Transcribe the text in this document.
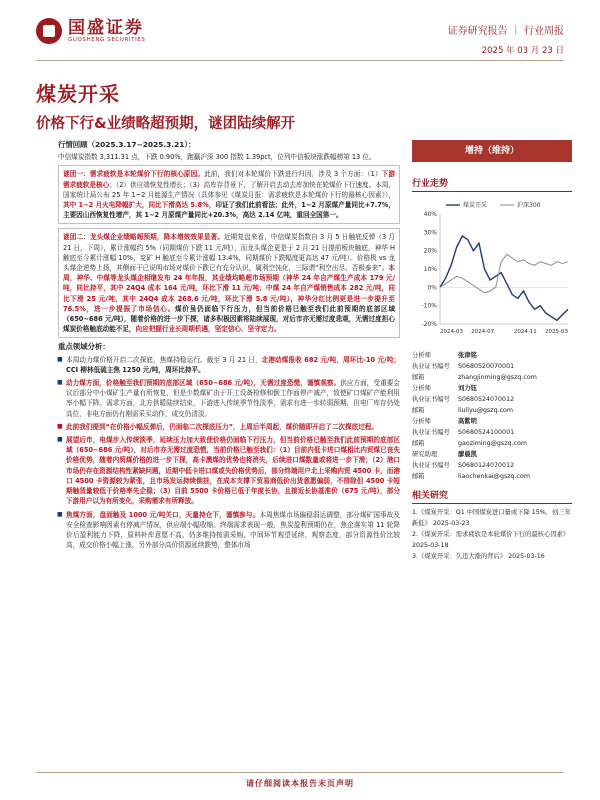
国盛证券
GUOSHENG SECURITIES
证券研究报告 ｜ 行业周报
2025 年 03 月 23 日
煤炭开采
价格下行&业绩略超预期，谜团陆续解开
行情回顾（2025.3.17~2025.3.21）：
中信煤炭指数 3,311.31 点，下跌 0.90%，跑赢沪深 300 指数 1.39pct，位列中信板块涨跌幅榜第 13 位。
谜团一：需求疲软是本轮煤价下行的核心原因。此前，我们对本轮煤价下跌进行归因，涉及 3 个方面：（1）下游需求疲软是核心；（2）供应端恢复性增长；（3）高库存背景下，了解开启去动去库加快在轮煤价下行速度。本周，国家统计局公布 25 年 1~2 月能源生产情况（具体参见《煤炭月报：需求疲软是本轮煤价下行的最核心因素》），其中 1~2 月火电降幅扩大，同比下滑高达 5.8%，印证了我们此前看法；此外，1~2 月原煤产量同比+7.7%，主要因山西恢复性增产，其 1~2 月原煤产量同比+20.3%，高达 2.14 亿吨，重回全国第一。
谜团二：龙头煤企业绩略超预期，降本增效效果显著。近期复盘来看，中信煤炭指数自 3 月 5 日触底反弹（3 月 21 日，下周），累计涨幅约 5%（同期煤价下跌 11 元/吨），而龙头煤企更是于 2 月 21 日提前板块触底，神华 H 触底至今累计涨幅 10%，兖矿 H 触底至今累计涨幅 13.4%，同期煤价下跌幅度更高达 47 元/吨）。价格极 vs 龙头煤企逆势上扬，其侧面干已说明市场对煤价下跌已有充分认识，属利空钝化，三际谓“利空出尽、否极泰来”。本周，神华、中煤等龙头煤企相继发布 24 年年报，其业绩均略超市场预期（神华 24 年自产煤生产成本 179 元/吨，同比持平，其中 24Q4 成本 164 元/吨，环比下滑 11 元/吨；中煤 24 年自产煤销售成本 282 元/吨，同比下滑 25 元/吨，其中 24Q4 成本 268.6 元/吨，环比下滑 5.8 元/吨），神华分红比例更是进一步提升至 76.5%，进一步提振了市场信心。煤价虽仍面临下行压力，但当前价格已触至我们此前预期的底部区域（650~686 元/吨），随着价格的进一步下探，诸多积极因素将陆续展现，对后市亦无需过度悲观，无需过度担心煤炭价格触底动能不足，向应把握行业长周期机遇，坚定信心、坚守定力。
重点领域分析：
■ 本周动力煤价格开启二次探底，焦煤持稳运行。截至 3 月 21 日，北港动煤报收 682 元/吨，周环比-10 元/吨；CCI 柳林低硫主焦 1250 元/吨，周环比持平。
■ 动力煤方面，价格触至我们预期的底部区域（650~686 元/吨），无需过度恐慌，谨慎观察。供应方面，受重要会议后部分中小煤矿生产量有所恢复，但是少数煤矿由于开工设备检修和倒工作面停产减产，致使矿口煤矿产能利用率小幅下降。需求方面，北方供暖陆续结束，下游进入传统季节性淡季，需求有进一步转弱预期，但电厂库存仍处高位，非电方面仍有刚需采买动作，成交仍清淡。
■ 此前我们提到“在价格小幅反弹后，仍面临二次探底压力”，上周后半周起，煤价随即开启了二次探底过程。
■ 展望后市，电煤步入传统淡季，延续压力加大致使价格仍面临下行压力，但当前价格已触至我们此前预期的底部区域（650~686 元/吨），对后市亦无需过度恐慌，当前价格已触至我们：（1）目前内低卡进口煤相比内贸煤已丧失价格优势，随着内贸煤价格的进一步下探，高卡澳煤的优势也将消失，后续进口煤数量或将进一步下滑；（2）港口市场仍存在资源结构性紧缺问题，近期中低卡进口煤或失价格优势后，部分终端用户北上采购内贸 4500 卡，而港口 4500 卡资源较为紧张，且市场发运持续倒挂，在成本支撑下贸易商低价出货意愿偏弱，不排除但 4500 卡短期触货量较低于价格率先企稳；（3）目前 5500 卡价格已低于年度长协，且接近长协基准价（675 元/吨），部分下游用户以为有所变化，采购需求有所释放。
■ 焦煤方面，盘面触及 1000 元/吨关口，天量持仓下，谨慎参与。本周焦煤市场偏稳弱运调整，部分煤矿国事故及安全检查影响因素有停减产情况，供应端小幅收缩。终端需求表现一般，焦炭盈利预期仍在，焦企落实第 11 轮降价后盈利能力下降，原料补库意愿不高，仍多维持按需采购，中间环节观望延续，观察态度，部分资源性价比较高，成交价格小幅上涨，另外部分高价资源延续跌势，整体市场
增持（维持）
行业走势
40%
30%
20%
10%
0%
-10%
-20%
2024-03 2024-07	2024-11 2025-03
煤炭开采	沪深300
分析师	张津铭
执业证书编号	S0680520070001
邮箱	zhangjinming@gszq.com
分析师	刘力钰
执业证书编号	S0680524070012
邮箱	liuliyu@gszq.com
分析师	高紫明
执业证书编号	S0680524100001
邮箱	gaoziming@gszq.com
研究助理	廖晨凯
执业证书编号	S0680124070012
邮箱	liaochenkai@gszq.com
相关研究
1.《煤炭开采：Q1 中国煤炭进口量或下降 15%，创三年新低》 2025-03-23
2.《煤炭开采：需求疲软是本轮煤价下行的最核心因素》 2025-03-18
3.《煤炭开采：久违大涨的背后》 2025-03-16
请仔细阅读本报告末页声明
